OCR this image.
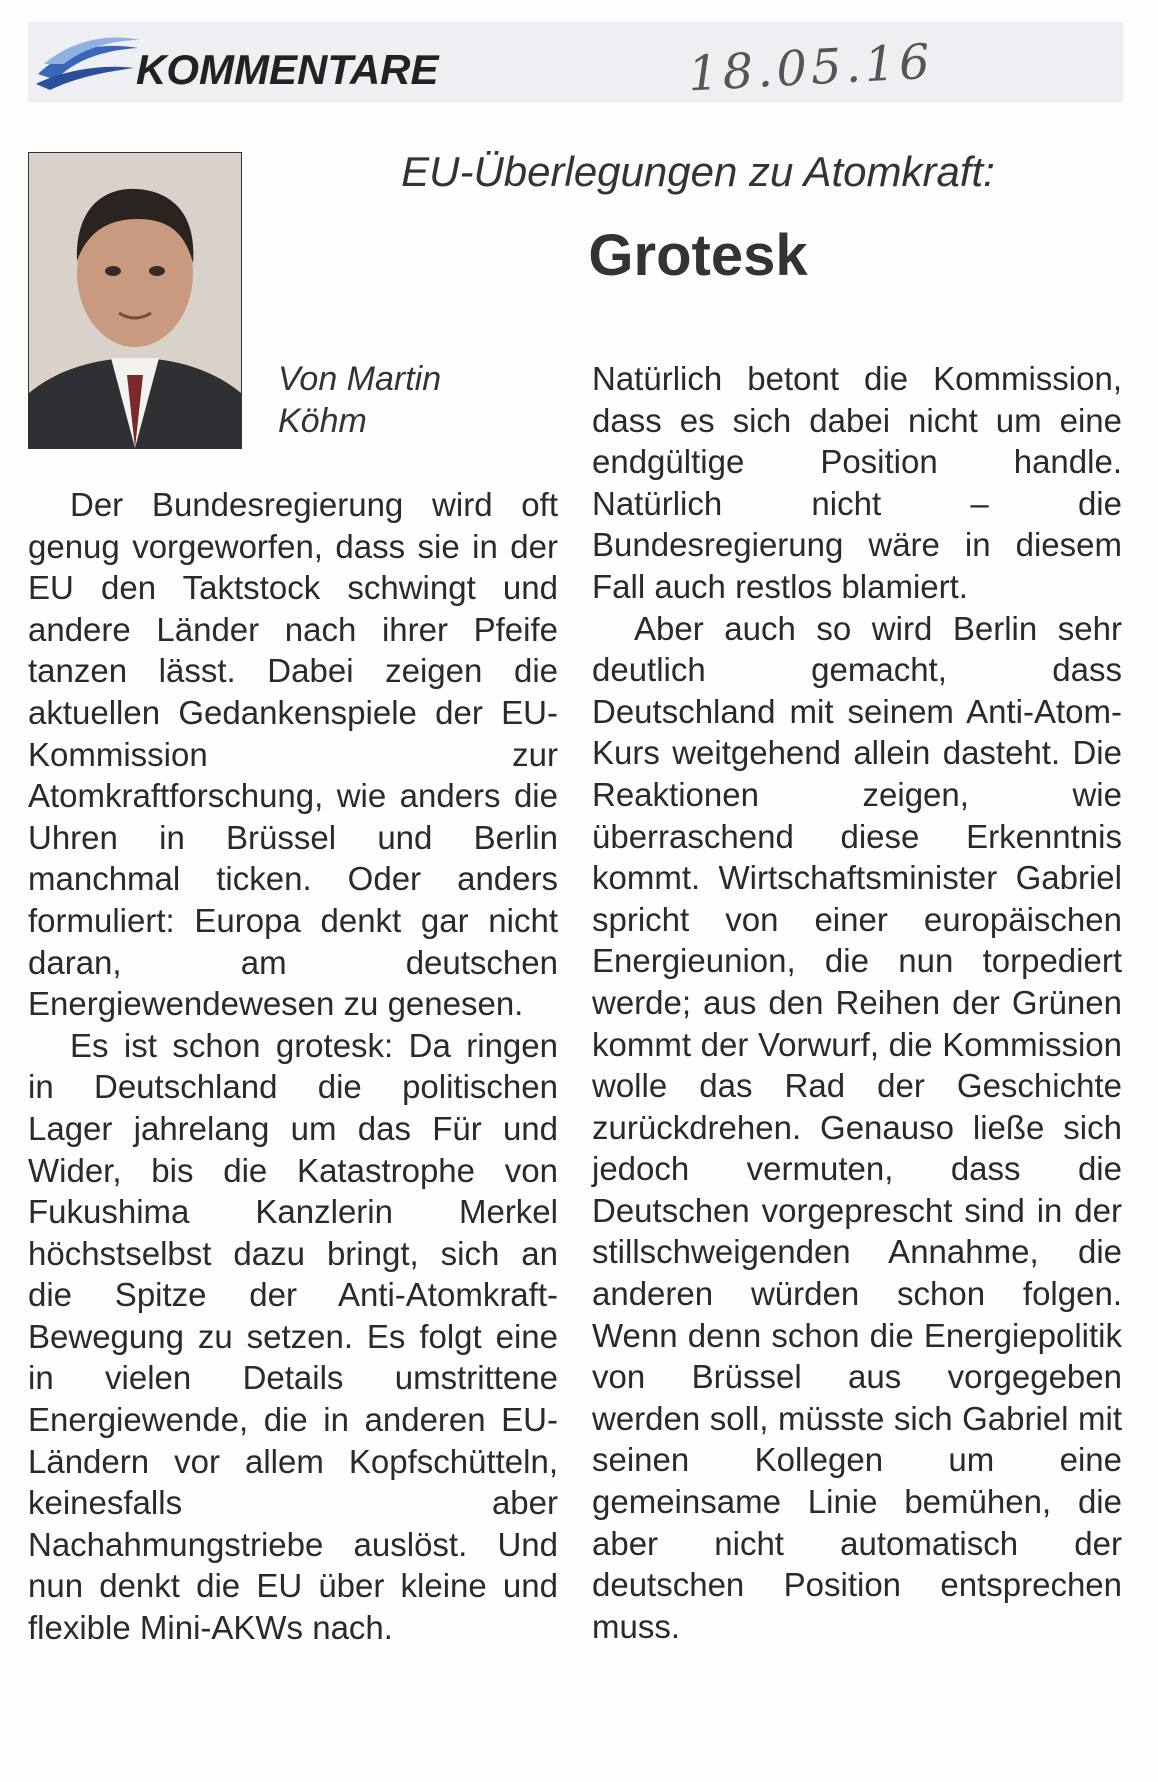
KOMMENTARE	18.05.16
EU-Überlegungen zu Atomkraft:
Grotesk
Von Martin Köhm

Der Bundesregierung wird oft genug vorgeworfen, dass sie in der EU den Taktstock schwingt und andere Länder nach ihrer Pfeife tanzen lässt. Dabei zeigen die aktuellen Gedankenspiele der EU-Kommission zur Atomkraftforschung, wie anders die Uhren in Brüssel und Berlin manchmal ticken. Oder anders formuliert: Europa denkt gar nicht daran, am deutschen Energiewendewesen zu genesen.

Es ist schon grotesk: Da ringen in Deutschland die politischen Lager jahrelang um das Für und Wider, bis die Katastrophe von Fukushima Kanzlerin Merkel höchstselbst dazu bringt, sich an die Spitze der Anti-Atomkraft-Bewegung zu setzen. Es folgt eine in vielen Details umstrittene Energiewende, die in anderen EU-Ländern vor allem Kopfschütteln, keinesfalls aber Nachahmungstriebe auslöst. Und nun denkt die EU über kleine und flexible Mini-AKWs nach.

Natürlich betont die Kommission, dass es sich dabei nicht um eine endgültige Position handle. Natürlich nicht – die Bundesregierung wäre in diesem Fall auch restlos blamiert.

Aber auch so wird Berlin sehr deutlich gemacht, dass Deutschland mit seinem Anti-Atom-Kurs weitgehend allein dasteht. Die Reaktionen zeigen, wie überraschend diese Erkenntnis kommt. Wirtschaftsminister Gabriel spricht von einer europäischen Energieunion, die nun torpediert werde; aus den Reihen der Grünen kommt der Vorwurf, die Kommission wolle das Rad der Geschichte zurückdrehen. Genauso ließe sich jedoch vermuten, dass die Deutschen vorgeprescht sind in der stillschweigenden Annahme, die anderen würden schon folgen. Wenn denn schon die Energiepolitik von Brüssel aus vorgegeben werden soll, müsste sich Gabriel mit seinen Kollegen um eine gemeinsame Linie bemühen, die aber nicht automatisch der deutschen Position entsprechen muss.
